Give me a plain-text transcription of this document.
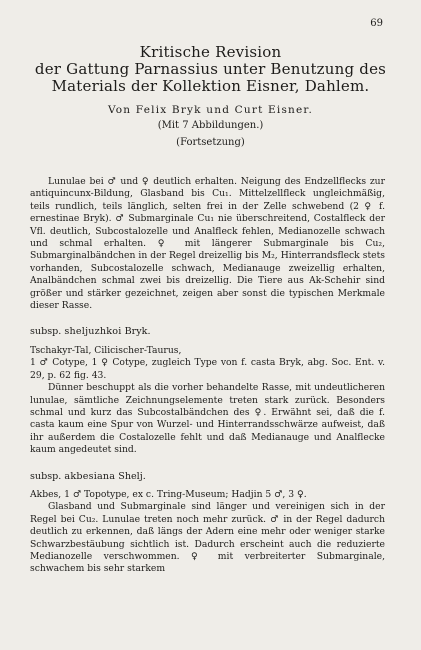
69
Kritische Revision
der Gattung Parnassius unter Benutzung des
Materials der Kollektion Eisner, Dahlem.
Von Felix Bryk und Curt Eisner.
(Mit 7 Abbildungen.)
(Fortsetzung)

Lunulae bei ♂ und ♀ deutlich erhalten. Neigung des Endzellflecks zur antiquincunx-Bildung, Glasband bis Cu₁. Mittelzellfleck ungleichmäßig, teils rundlich, teils länglich, selten frei in der Zelle schwebend (2 ♀ f. ernestinae Bryk). ♂ Submarginale Cu₁ nie überschreitend, Costalfleck der Vfl. deutlich, Subcostalozelle und Analfleck fehlen, Medianozelle schwach und schmal erhalten. ♀ mit längerer Submarginale bis Cu₂, Submarginalbändchen in der Regel dreizellig bis M₂, Hinterrandsfleck stets vorhanden, Subcostalozelle schwach, Medianauge zweizellig erhalten, Analbändchen schmal zwei bis dreizellig. Die Tiere aus Ak-Schehir sind größer und stärker gezeichnet, zeigen aber sonst die typischen Merkmale dieser Rasse.

subsp. sheljuzhkoi Bryk.

Tschakyr-Tal, Cilicischer-Taurus,

1 ♂ Cotype, 1 ♀ Cotype, zugleich Type von f. casta Bryk, abg. Soc. Ent. v. 29, p. 62 fig. 43.

Dünner beschuppt als die vorher behandelte Rasse, mit undeutlicheren lunulae, sämtliche Zeichnungselemente treten stark zurück. Besonders schmal und kurz das Subcostalbändchen des ♀. Erwähnt sei, daß die f. casta kaum eine Spur von Wurzel- und Hinterrandsschwärze aufweist, daß ihr außerdem die Costalozelle fehlt und daß Medianauge und Analflecke kaum angedeutet sind.

subsp. akbesiana Shelj.

Akbes, 1 ♂ Topotype, ex c. Tring-Museum; Hadjin 5 ♂, 3 ♀.

Glasband und Submarginale sind länger und vereinigen sich in der Regel bei Cu₂. Lunulae treten noch mehr zurück. ♂ in der Regel dadurch deutlich zu erkennen, daß längs der Adern eine mehr oder weniger starke Schwarzbestäubung sichtlich ist. Dadurch erscheint auch die reduzierte Medianozelle verschwommen. ♀ mit verbreiterter Submarginale, schwachem bis sehr starkem
